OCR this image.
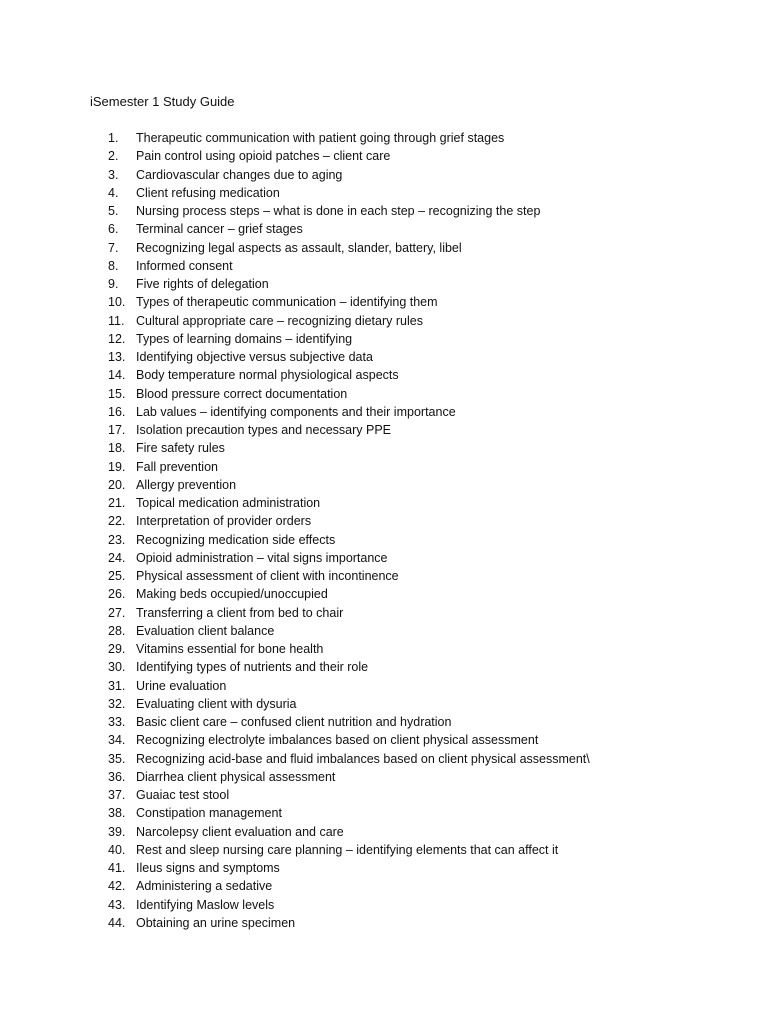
iSemester 1 Study Guide
1.	Therapeutic communication with patient going through grief stages
2.	Pain control using opioid patches – client care
3.	Cardiovascular changes due to aging
4.	Client refusing medication
5.	Nursing process steps – what is done in each step – recognizing the step
6.	Terminal cancer – grief stages
7.	Recognizing legal aspects as assault, slander, battery, libel
8.	Informed consent
9.	Five rights of delegation
10. Types of therapeutic communication – identifying them
11. Cultural appropriate care – recognizing dietary rules
12. Types of learning domains – identifying
13. Identifying objective versus subjective data
14. Body temperature normal physiological aspects
15. Blood pressure correct documentation
16. Lab values – identifying components and their importance
17. Isolation precaution types and necessary PPE
18. Fire safety rules
19. Fall prevention
20. Allergy prevention
21. Topical medication administration
22. Interpretation of provider orders
23. Recognizing medication side effects
24. Opioid administration – vital signs importance
25. Physical assessment of client with incontinence
26. Making beds occupied/unoccupied
27. Transferring a client from bed to chair
28. Evaluation client balance
29. Vitamins essential for bone health
30. Identifying types of nutrients and their role
31. Urine evaluation
32. Evaluating client with dysuria
33. Basic client care – confused client nutrition and hydration
34. Recognizing electrolyte imbalances based on client physical assessment
35. Recognizing acid-base and fluid imbalances based on client physical assessment\
36. Diarrhea client physical assessment
37. Guaiac test stool
38. Constipation management
39. Narcolepsy client evaluation and care
40. Rest and sleep nursing care planning – identifying elements that can affect it
41. Ileus signs and symptoms
42. Administering a sedative
43. Identifying Maslow levels
44. Obtaining an urine specimen
